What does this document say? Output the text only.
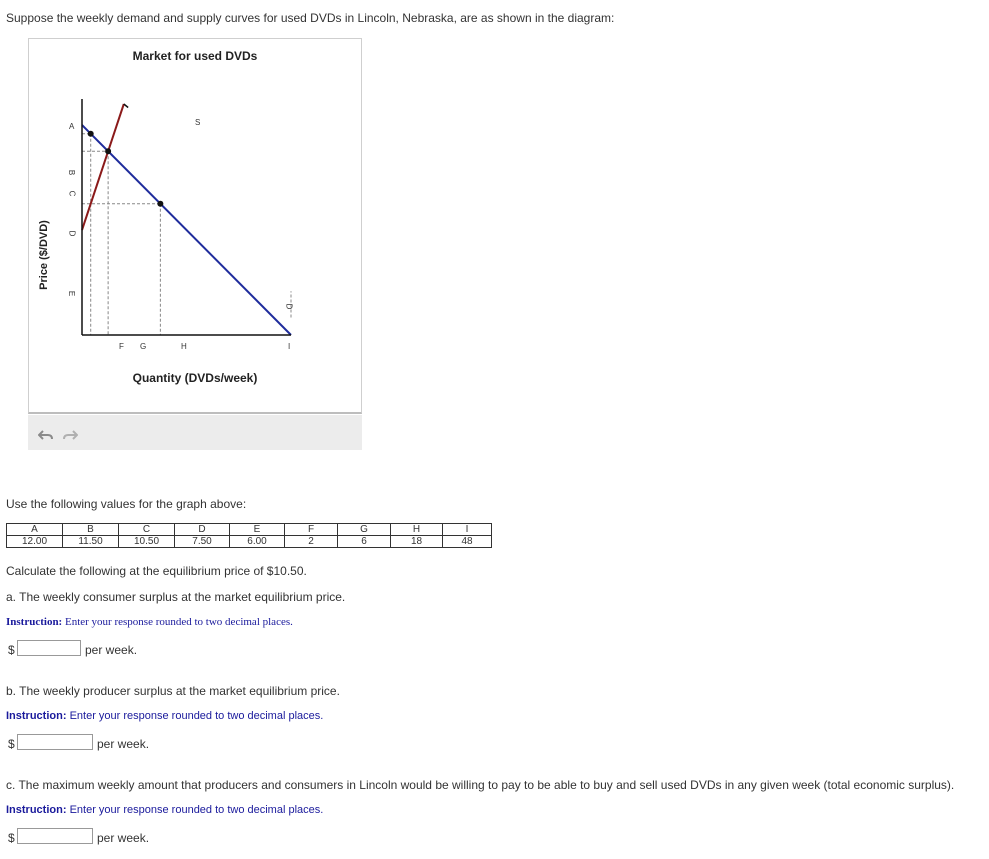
Suppose the weekly demand and supply curves for used DVDs in Lincoln, Nebraska, are as shown in the diagram:
Market for used DVDs
Price ($/DVD)
Quantity (DVDs/week)
A
B
C
D
E
F G	H	I
S
D
Use the following values for the graph above:
A	B	C	D	E	F	G	H	I
12.00	11.50	10.50	7.50	6.00	2	6	18	48
Calculate the following at the equilibrium price of $10.50.
a. The weekly consumer surplus at the market equilibrium price.
Instruction: Enter your response rounded to two decimal places.
$	per week.
b. The weekly producer surplus at the market equilibrium price.
Instruction: Enter your response rounded to two decimal places.
$	per week.
c. The maximum weekly amount that producers and consumers in Lincoln would be willing to pay to be able to buy and sell used DVDs in any given week (total economic surplus).
Instruction: Enter your response rounded to two decimal places.
$	per week.
